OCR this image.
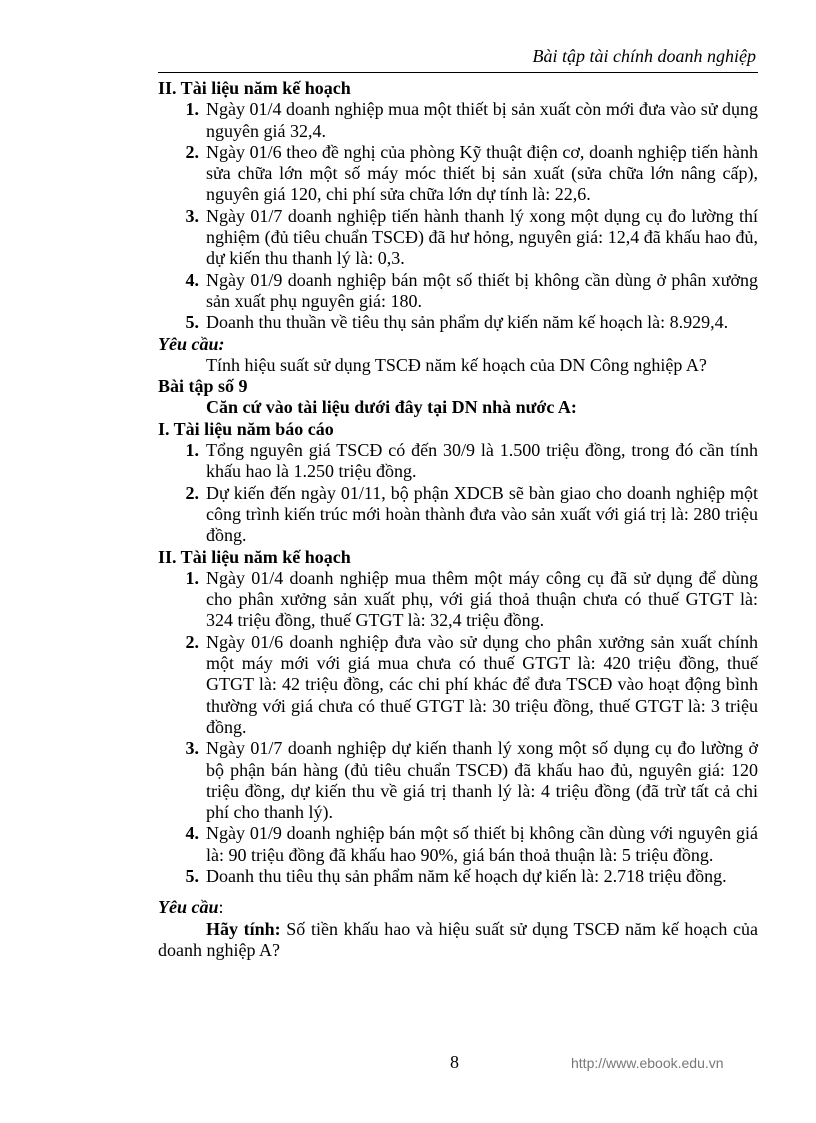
Bài tập tài chính doanh nghiệp
II. Tài liệu năm kế hoạch
1. Ngày 01/4 doanh nghiệp mua một thiết bị sản xuất còn mới đưa vào sử dụng nguyên giá 32,4.
2. Ngày 01/6 theo đề nghị của phòng Kỹ thuật điện cơ, doanh nghiệp tiến hành sửa chữa lớn một số máy móc thiết bị sản xuất (sửa chữa lớn nâng cấp), nguyên giá 120, chi phí sửa chữa lớn dự tính là: 22,6.
3. Ngày 01/7 doanh nghiệp tiến hành thanh lý xong một dụng cụ đo lường thí nghiệm (đủ tiêu chuẩn TSCĐ) đã hư hỏng, nguyên giá: 12,4 đã khấu hao đủ, dự kiến thu thanh lý là: 0,3.
4. Ngày 01/9 doanh nghiệp bán một số thiết bị không cần dùng ở phân xưởng sản xuất phụ nguyên giá: 180.
5. Doanh thu thuần về tiêu thụ sản phẩm dự kiến năm kế hoạch là: 8.929,4.
Yêu cầu:
Tính hiệu suất sử dụng TSCĐ năm kế hoạch của DN Công nghiệp A?
Bài tập số 9
Căn cứ vào tài liệu dưới đây tại DN nhà nước A:
I. Tài liệu năm báo cáo
1. Tổng nguyên giá TSCĐ có đến 30/9 là 1.500 triệu đồng, trong đó cần tính khấu hao là 1.250 triệu đồng.
2. Dự kiến đến ngày 01/11, bộ phận XDCB sẽ bàn giao cho doanh nghiệp một công trình kiến trúc mới hoàn thành đưa vào sản xuất với giá trị là: 280 triệu đồng.
II. Tài liệu năm kế hoạch
1. Ngày 01/4 doanh nghiệp mua thêm một máy công cụ đã sử dụng để dùng cho phân xưởng sản xuất phụ, với giá thoả thuận chưa có thuế GTGT là: 324 triệu đồng, thuế GTGT là: 32,4 triệu đồng.
2. Ngày 01/6 doanh nghiệp đưa vào sử dụng cho phân xưởng sản xuất chính một máy mới với giá mua chưa có thuế GTGT là: 420 triệu đồng, thuế GTGT là: 42 triệu đồng, các chi phí khác để đưa TSCĐ vào hoạt động bình thường với giá chưa có thuế GTGT là: 30 triệu đồng, thuế GTGT là: 3 triệu đồng.
3. Ngày 01/7 doanh nghiệp dự kiến thanh lý xong một số dụng cụ đo lường ở bộ phận bán hàng (đủ tiêu chuẩn TSCĐ) đã khấu hao đủ, nguyên giá: 120 triệu đồng, dự kiến thu về giá trị thanh lý là: 4 triệu đồng (đã trừ tất cả chi phí cho thanh lý).
4. Ngày 01/9 doanh nghiệp bán một số thiết bị không cần dùng với nguyên giá là: 90 triệu đồng đã khấu hao 90%, giá bán thoả thuận là: 5 triệu đồng.
5. Doanh thu tiêu thụ sản phẩm năm kế hoạch dự kiến là: 2.718 triệu đồng.
Yêu cầu:
Hãy tính: Số tiền khấu hao và hiệu suất sử dụng TSCĐ năm kế hoạch của doanh nghiệp A?
8	http://www.ebook.edu.vn
